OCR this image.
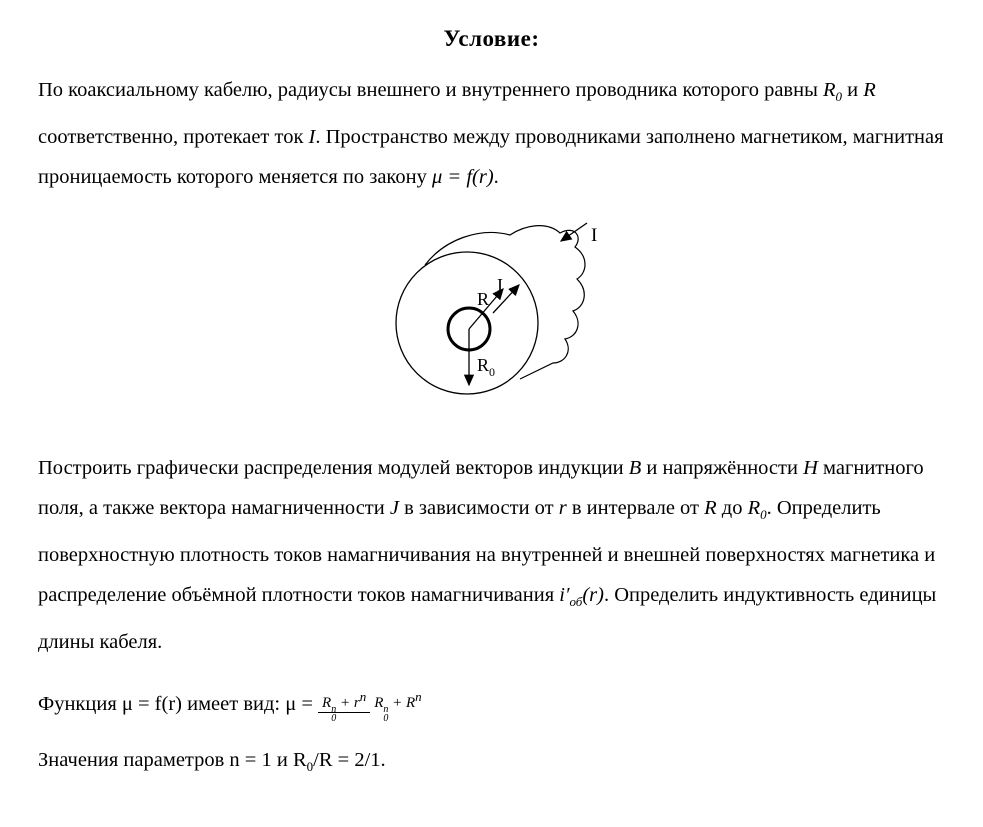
Условие:
По коаксиальному кабелю, радиусы внешнего и внутреннего проводника которого равны $R_0$ и R соответственно, протекает ток I. Пространство между проводниками заполнено магнетиком, магнитная проницаемость которого меняется по закону μ = f(r).
R
I
R 0
I
Построить графически распределения модулей векторов индукции B и напряжённости H магнитного поля, а также вектора намагниченности J в зависимости от r в интервале от R до $R_0$. Определить поверхностную плотность токов намагничивания на внутренней и внешней поверхностях магнетика и распределение объёмной плотности токов намагничивания $i'_{об}(r)$. Определить индуктивность единицы длины кабеля.
Функция μ = f(r) имеет вид: μ = R n
0
+ $r^n$ R n
0
+ $R^n$
Значения параметров n = 1 и $R_0/R = 2/1$.
